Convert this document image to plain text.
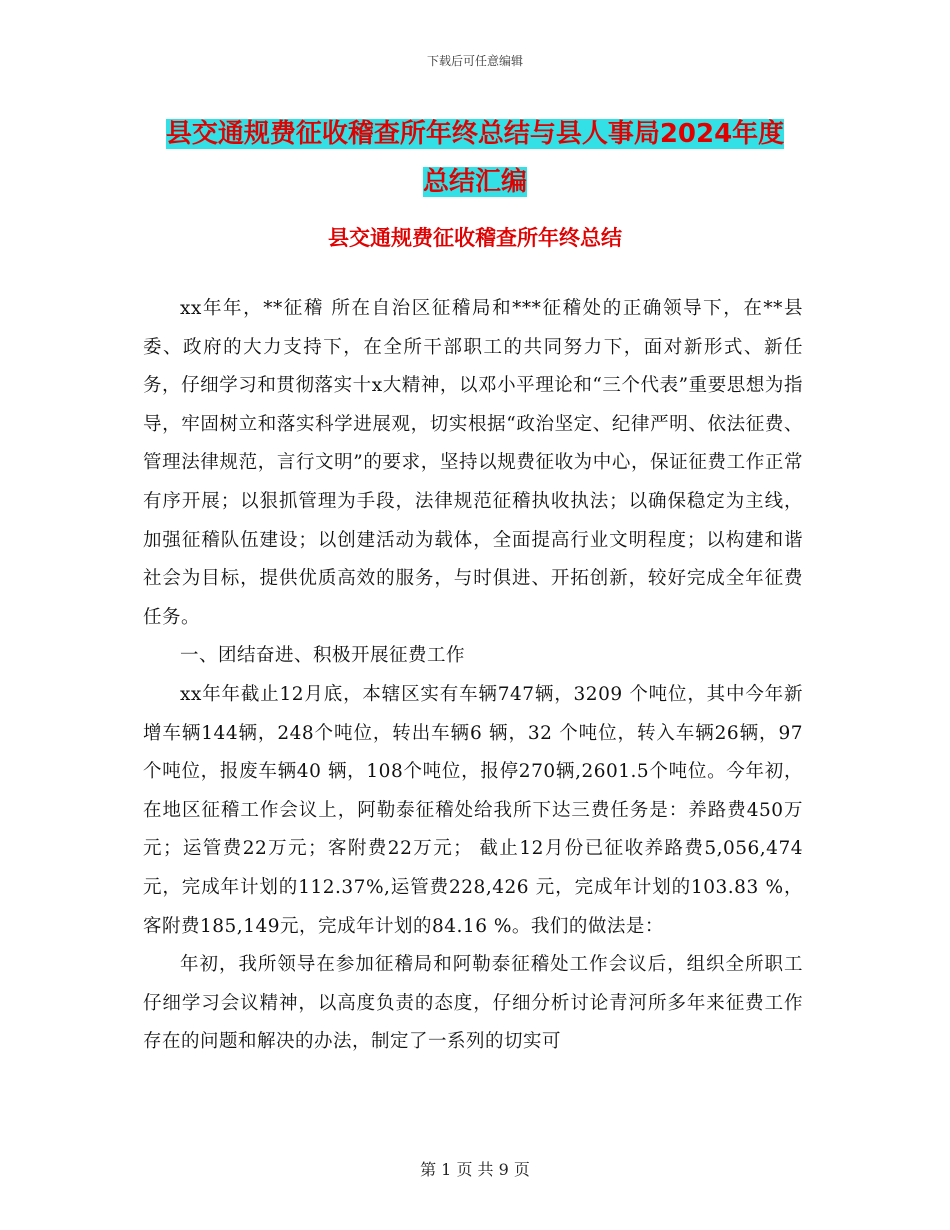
下载后可任意编辑
县交通规费征收稽查所年终总结与县人事局2024年度
总结汇编
县交通规费征收稽查所年终总结

xx年年，**征稽 所在自治区征稽局和***征稽处的正确领导下，在**县委、政府的大力支持下，在全所干部职工的共同努力下，面对新形式、新任务，仔细学习和贯彻落实十x大精神，以邓小平理论和“三个代表”重要思想为指导，牢固树立和落实科学进展观，切实根据“政治坚定、纪律严明、依法征费、管理法律规范，言行文明”的要求，坚持以规费征收为中心，保证征费工作正常有序开展；以狠抓管理为手段，法律规范征稽执收执法；以确保稳定为主线，加强征稽队伍建设；以创建活动为载体，全面提高行业文明程度；以构建和谐社会为目标，提供优质高效的服务，与时俱进、开拓创新，较好完成全年征费任务。

一、团结奋进、积极开展征费工作

xx年年截止12月底，本辖区实有车辆747辆，3209 个吨位，其中今年新增车辆144辆，248个吨位，转出车辆6 辆，32 个吨位，转入车辆26辆，97个吨位，报废车辆40 辆，108个吨位，报停270辆,2601.5个吨位。今年初，在地区征稽工作会议上，阿勒泰征稽处给我所下达三费任务是：养路费450万元；运管费22万元；客附费22万元； 截止12月份已征收养路费5,056,474元，完成年计划的112.37%,运管费228,426 元，完成年计划的103.83 %，客附费185,149元，完成年计划的84.16 %。我们的做法是：

年初，我所领导在参加征稽局和阿勒泰征稽处工作会议后，组织全所职工仔细学习会议精神，以高度负责的态度，仔细分析讨论青河所多年来征费工作存在的问题和解决的办法，制定了一系列的切实可

第 1 页 共 9 页
